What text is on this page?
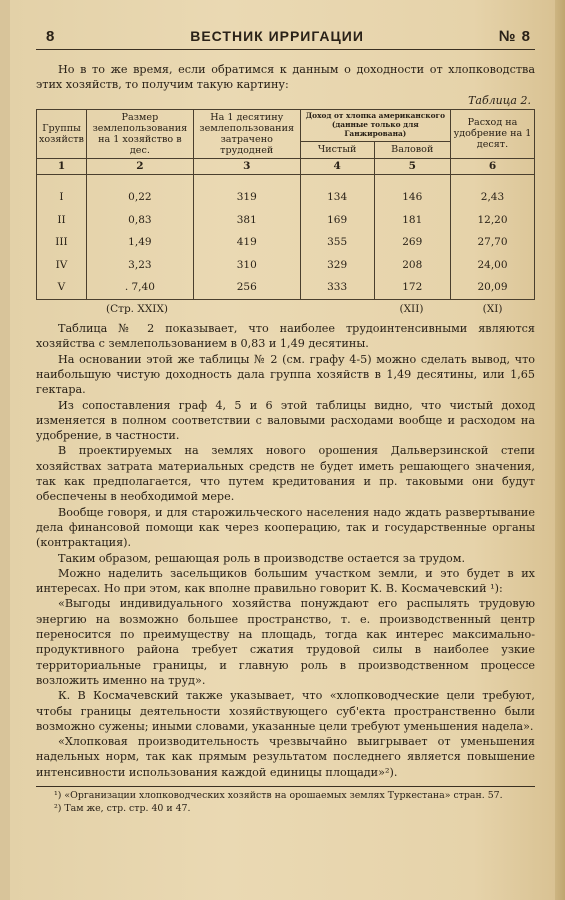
8	ВЕСТНИК ИРРИГАЦИИ	№ 8

Но в то же время, если обратимся к данным о доходности от хлопководства этих хозяйств, то получим такую картину:

Таблица 2.
Группы хозяйств	Размер землепользования на 1 хозяйство в дес.	На 1 десятину землепользования затрачено трудодней	Доход от хлопка американского (данные только для Ганжирована)		Расход на удобрение на 1 десят.
			Чистый	Валовой	
1	2	3	4	5	6

I	0,22	319	134	146	2,43
II	0,83	381	169	181	12,20
III	1,49	419	355	269	27,70
IV	3,23	310	329	208	24,00
V	. 7,40	256	333	172	20,09
(Стр. XXIX)	(XII)	(XI)

Таблица № 2 показывает, что наиболее трудоинтенсивными являются хозяйства с землепользованием в 0,83 и 1,49 десятины.

На основании этой же таблицы № 2 (см. графу 4-5) можно сделать вывод, что наибольшую чистую доходность дала группа хозяйств в 1,49 десятины, или 1,65 гектара.

Из сопоставления граф 4, 5 и 6 этой таблицы видно, что чистый доход изменяется в полном соответствии с валовыми расходами вообще и расходом на удобрение, в частности.

В проектируемых на землях нового орошения Дальверзинской степи хозяйствах затрата материальных средств не будет иметь решающего значения, так как предполагается, что путем кредитования и пр. таковыми они будут обеспечены в необходимой мере.

Вообще говоря, и для старожильческого населения надо ждать развертывание дела финансовой помощи как через кооперацию, так и государственные органы (контрактация).

Таким образом, решающая роль в производстве остается за трудом.

Можно наделить засельщиков большим участком земли, и это будет в их интересах. Но при этом, как вполне правильно говорит К. В. Космачевский ¹):

«Выгоды индивидуального хозяйства понуждают его распылять трудовую энергию на возможно большее пространство, т. е. производственный центр переносится по преимуществу на площадь, тогда как интерес максимально-продуктивного района требует сжатия трудовой силы в наиболее узкие территориальные границы, и главную роль в производственном процессе возложить именно на труд».

К. В Космачевский также указывает, что «хлопководческие цели требуют, чтобы границы деятельности хозяйствующего суб'екта пространственно были возможно сужены; иными словами, указанные цели требуют уменьшения надела».

«Хлопковая производительность чрезвычайно выигрывает от уменьшения надельных норм, так как прямым результатом последнего является повышение интенсивности использования каждой единицы площади»²).

¹) «Организации хлопководческих хозяйств на орошаемых землях Туркестана» стран. 57.

²) Там же, стр. стр. 40 и 47.
